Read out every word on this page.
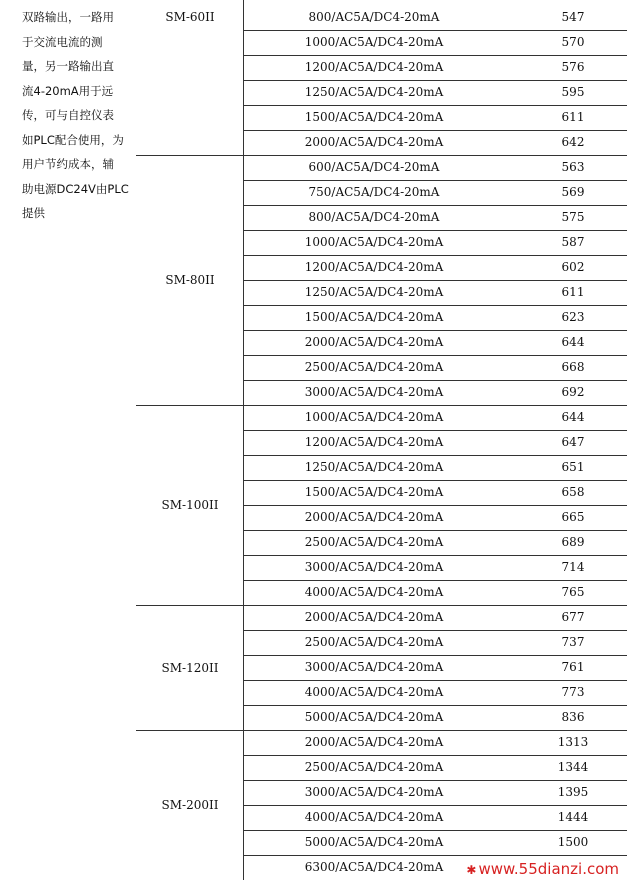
双路输出，一路用
于交流电流的测
量，另一路输出直
流4-20mA用于远
传，可与自控仪表
如PLC配合使用，为
用户节约成本，辅
助电源DC24V由PLC
提供
SM-60II	800/AC5A/DC4-20mA	547
1000/AC5A/DC4-20mA	570
1200/AC5A/DC4-20mA	576
1250/AC5A/DC4-20mA	595
1500/AC5A/DC4-20mA	611
2000/AC5A/DC4-20mA	642
SM-80II
600/AC5A/DC4-20mA	563
750/AC5A/DC4-20mA	569
800/AC5A/DC4-20mA	575
1000/AC5A/DC4-20mA	587
1200/AC5A/DC4-20mA	602
1250/AC5A/DC4-20mA	611
1500/AC5A/DC4-20mA	623
2000/AC5A/DC4-20mA	644
2500/AC5A/DC4-20mA	668
3000/AC5A/DC4-20mA	692
SM-100II
1000/AC5A/DC4-20mA	644
1200/AC5A/DC4-20mA	647
1250/AC5A/DC4-20mA	651
1500/AC5A/DC4-20mA	658
2000/AC5A/DC4-20mA	665
2500/AC5A/DC4-20mA	689
3000/AC5A/DC4-20mA	714
4000/AC5A/DC4-20mA	765
SM-120II
2000/AC5A/DC4-20mA	677
2500/AC5A/DC4-20mA	737
3000/AC5A/DC4-20mA	761
4000/AC5A/DC4-20mA	773
5000/AC5A/DC4-20mA	836
SM-200II
2000/AC5A/DC4-20mA	1313
2500/AC5A/DC4-20mA	1344
3000/AC5A/DC4-20mA	1395
4000/AC5A/DC4-20mA	1444
5000/AC5A/DC4-20mA	1500
6300/AC5A/DC4-20mA	✱ www.55dianzi.com
